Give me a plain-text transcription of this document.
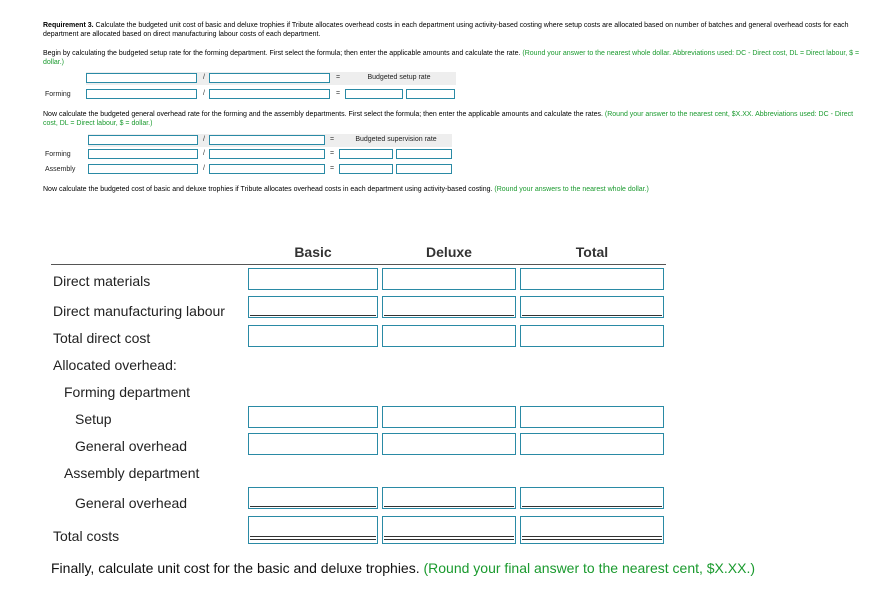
Requirement 3. Calculate the budgeted unit cost of basic and deluxe trophies if Tribute allocates overhead costs in each department using activity-based costing where setup costs are allocated based on number of batches and general overhead costs for each department are allocated based on direct manufacturing labour costs of each department.
Begin by calculating the budgeted setup rate for the forming department. First select the formula; then enter the applicable amounts and calculate the rate. (Round your answer to the nearest whole dollar. Abbreviations used: DC - Direct cost, DL = Direct labour, $ = dollar.)
/	=	Budgeted setup rate
Forming	/	=
Now calculate the budgeted general overhead rate for the forming and the assembly departments. First select the formula; then enter the applicable amounts and calculate the rates. (Round your answer to the nearest cent, $X.XX. Abbreviations used: DC - Direct cost, DL = Direct labour, $ = dollar.)
/	=	Budgeted supervision rate
Forming	/	=
Assembly	/	=
Now calculate the budgeted cost of basic and deluxe trophies if Tribute allocates overhead costs in each department using activity-based costing. (Round your answers to the nearest whole dollar.)
Basic	Deluxe	Total
Direct materials
Direct manufacturing labour
Total direct cost
Allocated overhead:
Forming department
Setup
General overhead
Assembly department
General overhead
Total costs
Finally, calculate unit cost for the basic and deluxe trophies. (Round your final answer to the nearest cent, $X.XX.)
